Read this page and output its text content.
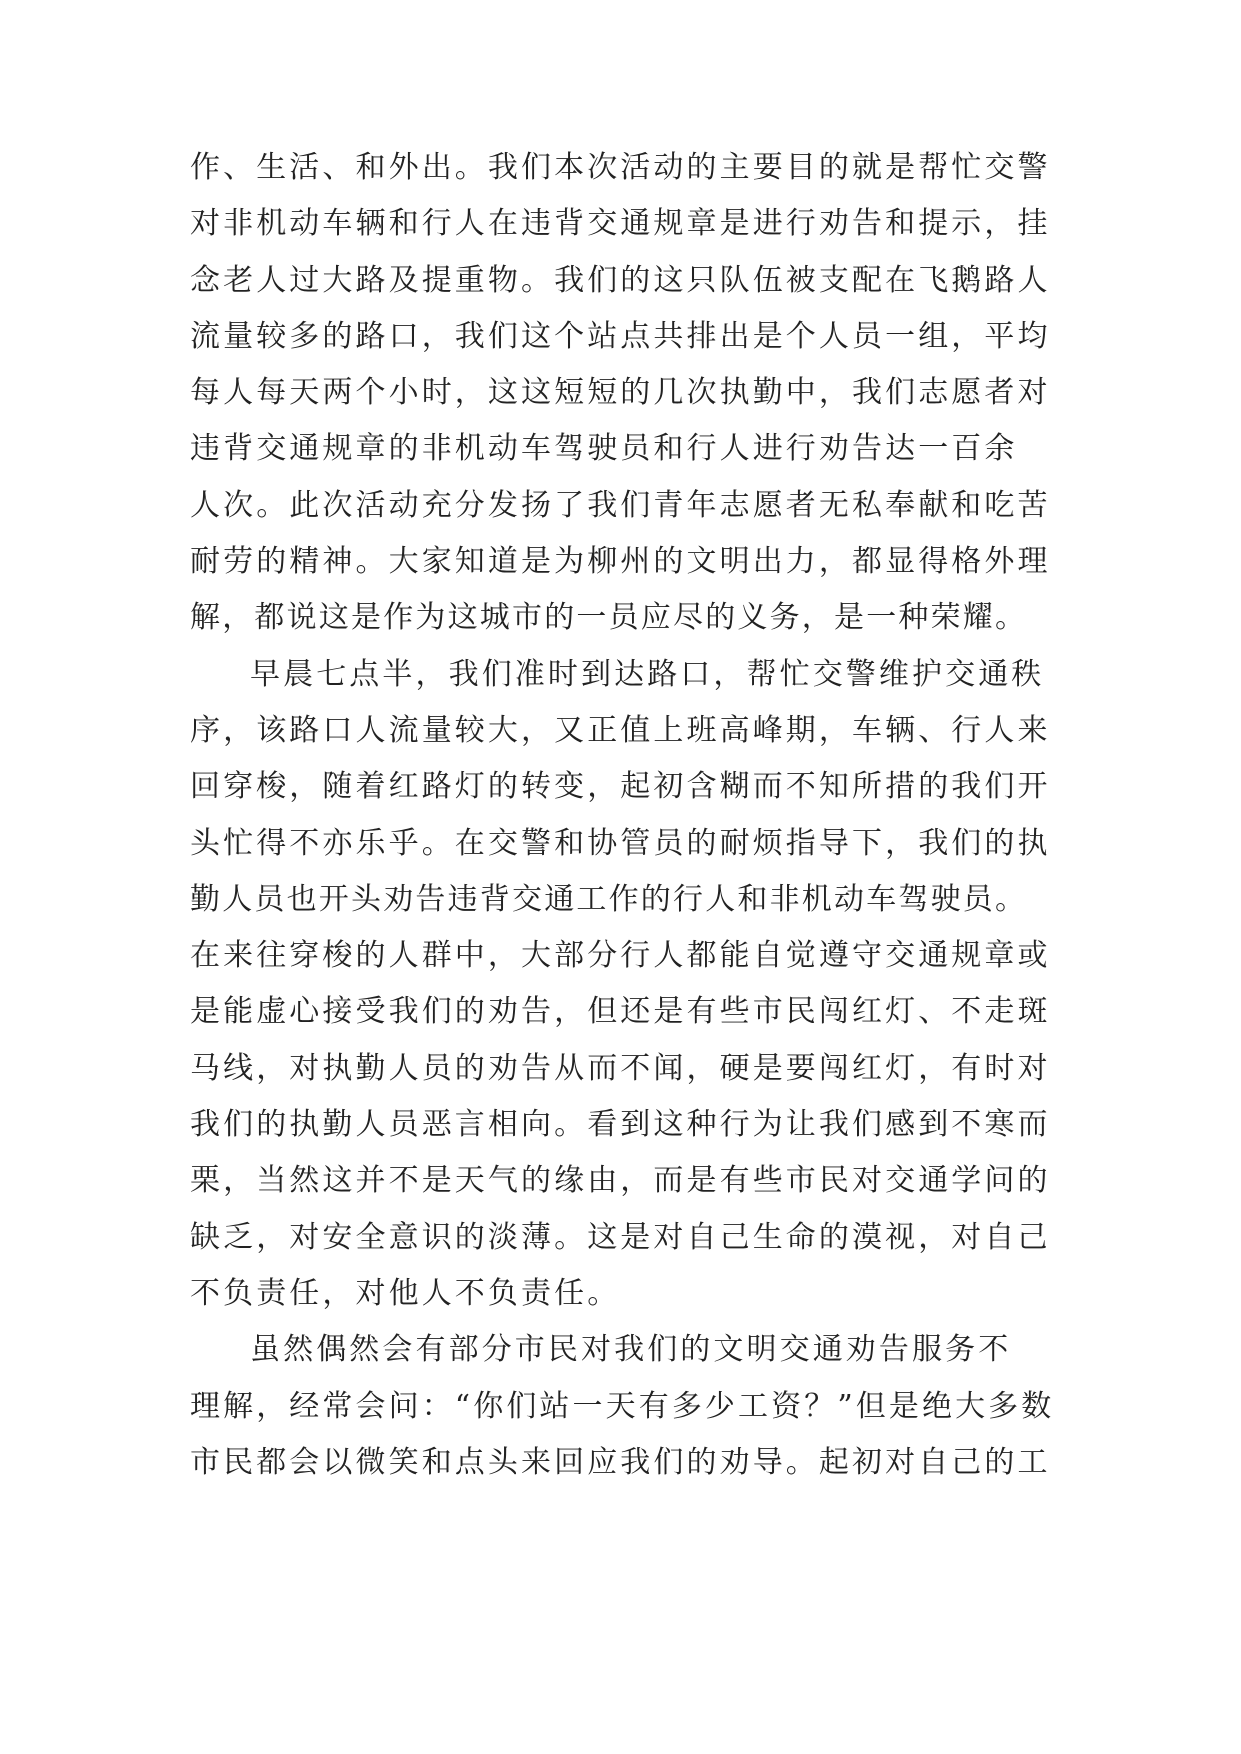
作、生活、和外出。我们本次活动的主要目的就是帮忙交警
对非机动车辆和行人在违背交通规章是进行劝告和提示，挂
念老人过大路及提重物。我们的这只队伍被支配在飞鹅路人
流量较多的路口，我们这个站点共排出是个人员一组，平均
每人每天两个小时，这这短短的几次执勤中，我们志愿者对
违背交通规章的非机动车驾驶员和行人进行劝告达一百余
人次。此次活动充分发扬了我们青年志愿者无私奉献和吃苦
耐劳的精神。大家知道是为柳州的文明出力，都显得格外理
解，都说这是作为这城市的一员应尽的义务，是一种荣耀。
早晨七点半，我们准时到达路口，帮忙交警维护交通秩
序，该路口人流量较大，又正值上班高峰期，车辆、行人来
回穿梭，随着红路灯的转变，起初含糊而不知所措的我们开
头忙得不亦乐乎。在交警和协管员的耐烦指导下，我们的执
勤人员也开头劝告违背交通工作的行人和非机动车驾驶员。
在来往穿梭的人群中，大部分行人都能自觉遵守交通规章或
是能虚心接受我们的劝告，但还是有些市民闯红灯、不走斑
马线，对执勤人员的劝告从而不闻，硬是要闯红灯，有时对
我们的执勤人员恶言相向。看到这种行为让我们感到不寒而
栗，当然这并不是天气的缘由，而是有些市民对交通学问的
缺乏，对安全意识的淡薄。这是对自己生命的漠视，对自己
不负责任，对他人不负责任。
虽然偶然会有部分市民对我们的文明交通劝告服务不
理解，经常会问：“你们站一天有多少工资？”但是绝大多数
市民都会以微笑和点头来回应我们的劝导。起初对自己的工
